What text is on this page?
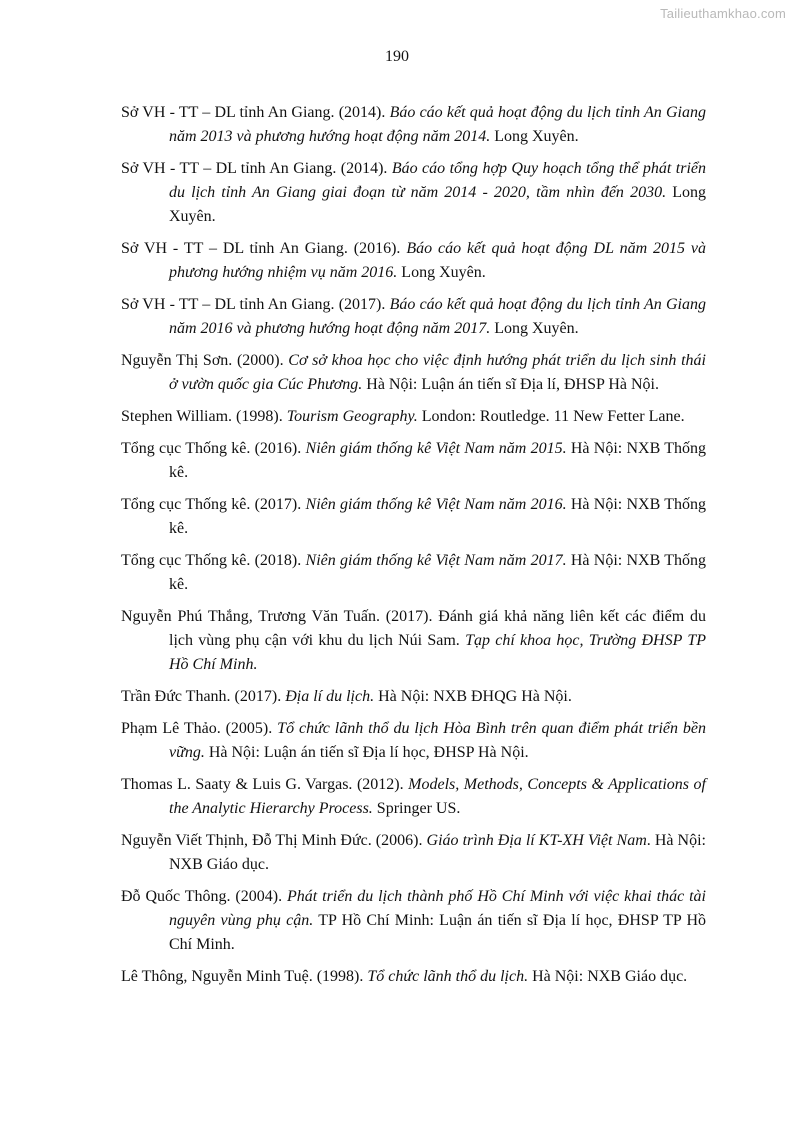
Tailieuthamkhao.com
190
Sở VH - TT – DL tỉnh An Giang. (2014). Báo cáo kết quả hoạt động du lịch tỉnh An Giang năm 2013 và phương hướng hoạt động năm 2014. Long Xuyên.
Sở VH - TT – DL tỉnh An Giang. (2014). Báo cáo tổng hợp Quy hoạch tổng thể phát triển du lịch tỉnh An Giang giai đoạn từ năm 2014 - 2020, tầm nhìn đến 2030. Long Xuyên.
Sở VH - TT – DL tỉnh An Giang. (2016). Báo cáo kết quả hoạt động DL năm 2015 và phương hướng nhiệm vụ năm 2016. Long Xuyên.
Sở VH - TT – DL tỉnh An Giang. (2017). Báo cáo kết quả hoạt động du lịch tỉnh An Giang năm 2016 và phương hướng hoạt động năm 2017. Long Xuyên.
Nguyễn Thị Sơn. (2000). Cơ sở khoa học cho việc định hướng phát triển du lịch sinh thái ở vườn quốc gia Cúc Phương. Hà Nội: Luận án tiến sĩ Địa lí, ĐHSP Hà Nội.
Stephen William. (1998). Tourism Geography. London: Routledge. 11 New Fetter Lane.
Tổng cục Thống kê. (2016). Niên giám thống kê Việt Nam năm 2015. Hà Nội: NXB Thống kê.
Tổng cục Thống kê. (2017). Niên giám thống kê Việt Nam năm 2016. Hà Nội: NXB Thống kê.
Tổng cục Thống kê. (2018). Niên giám thống kê Việt Nam năm 2017. Hà Nội: NXB Thống kê.
Nguyễn Phú Thắng, Trương Văn Tuấn. (2017). Đánh giá khả năng liên kết các điểm du lịch vùng phụ cận với khu du lịch Núi Sam. Tạp chí khoa học, Trường ĐHSP TP Hồ Chí Minh.
Trần Đức Thanh. (2017). Địa lí du lịch. Hà Nội: NXB ĐHQG Hà Nội.
Phạm Lê Thảo. (2005). Tổ chức lãnh thổ du lịch Hòa Bình trên quan điểm phát triển bền vững. Hà Nội: Luận án tiến sĩ Địa lí học, ĐHSP Hà Nội.
Thomas L. Saaty & Luis G. Vargas. (2012). Models, Methods, Concepts & Applications of the Analytic Hierarchy Process. Springer US.
Nguyễn Viết Thịnh, Đỗ Thị Minh Đức. (2006). Giáo trình Địa lí KT-XH Việt Nam. Hà Nội: NXB Giáo dục.
Đỗ Quốc Thông. (2004). Phát triển du lịch thành phố Hồ Chí Minh với việc khai thác tài nguyên vùng phụ cận. TP Hồ Chí Minh: Luận án tiến sĩ Địa lí học, ĐHSP TP Hồ Chí Minh.
Lê Thông, Nguyễn Minh Tuệ. (1998). Tổ chức lãnh thổ du lịch. Hà Nội: NXB Giáo dục.
